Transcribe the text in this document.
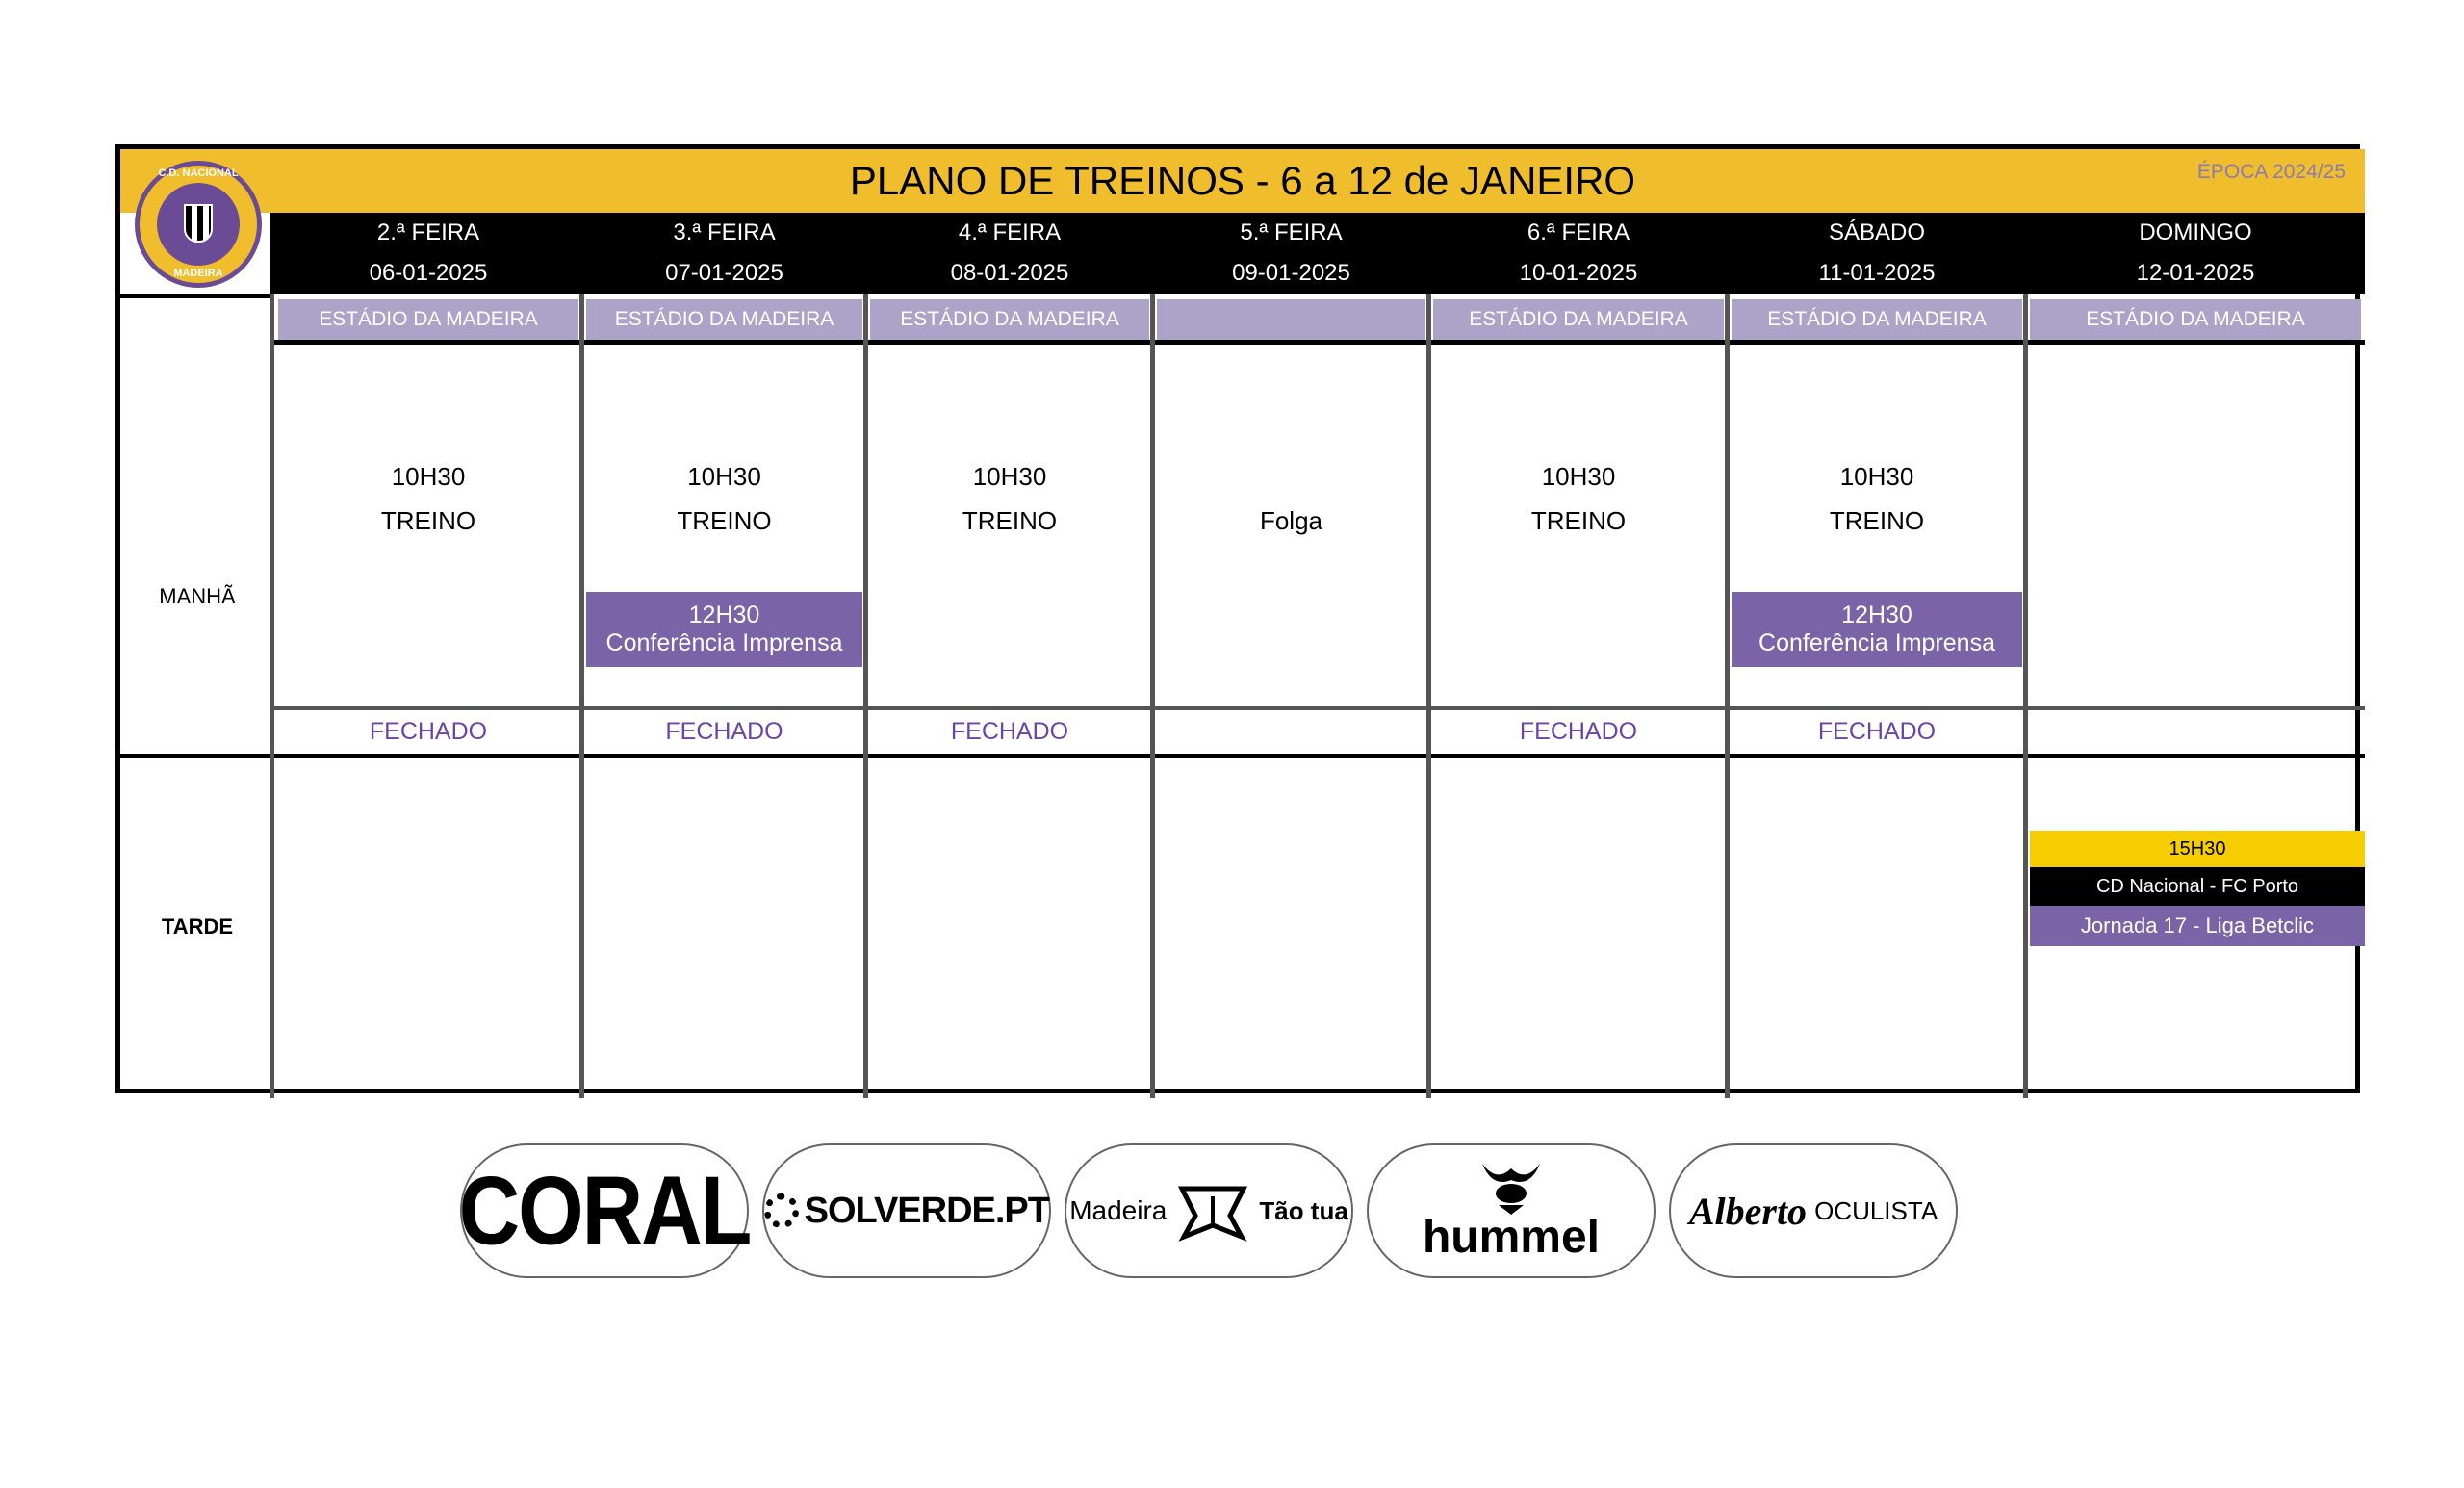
PLANO DE TREINOS - 6 a 12 de JANEIRO	ÉPOCA 2024/25
C.D. NACIONAL
MADEIRA
2.ª FEIRA
06-01-2025
ESTÁDIO DA MADEIRA
3.ª FEIRA
07-01-2025
ESTÁDIO DA MADEIRA
4.ª FEIRA
08-01-2025
ESTÁDIO DA MADEIRA
5.ª FEIRA
09-01-2025
6.ª FEIRA
10-01-2025
ESTÁDIO DA MADEIRA
SÁBADO
11-01-2025
ESTÁDIO DA MADEIRA
DOMINGO
12-01-2025
ESTÁDIO DA MADEIRA
MANHÃ
TARDE
10H30
TREINO
FECHADO
10H30
TREINO
12H30
Conferência Imprensa
FECHADO
10H30
TREINO
FECHADO
Folga
10H30
TREINO
FECHADO
10H30
TREINO
12H30
Conferência Imprensa
FECHADO
15H30
CD Nacional - FC Porto
Jornada 17 - Liga Betclic
CORAL SOLVERDE.PT Madeira	Tão tua
hummel
Alberto OCULISTA
